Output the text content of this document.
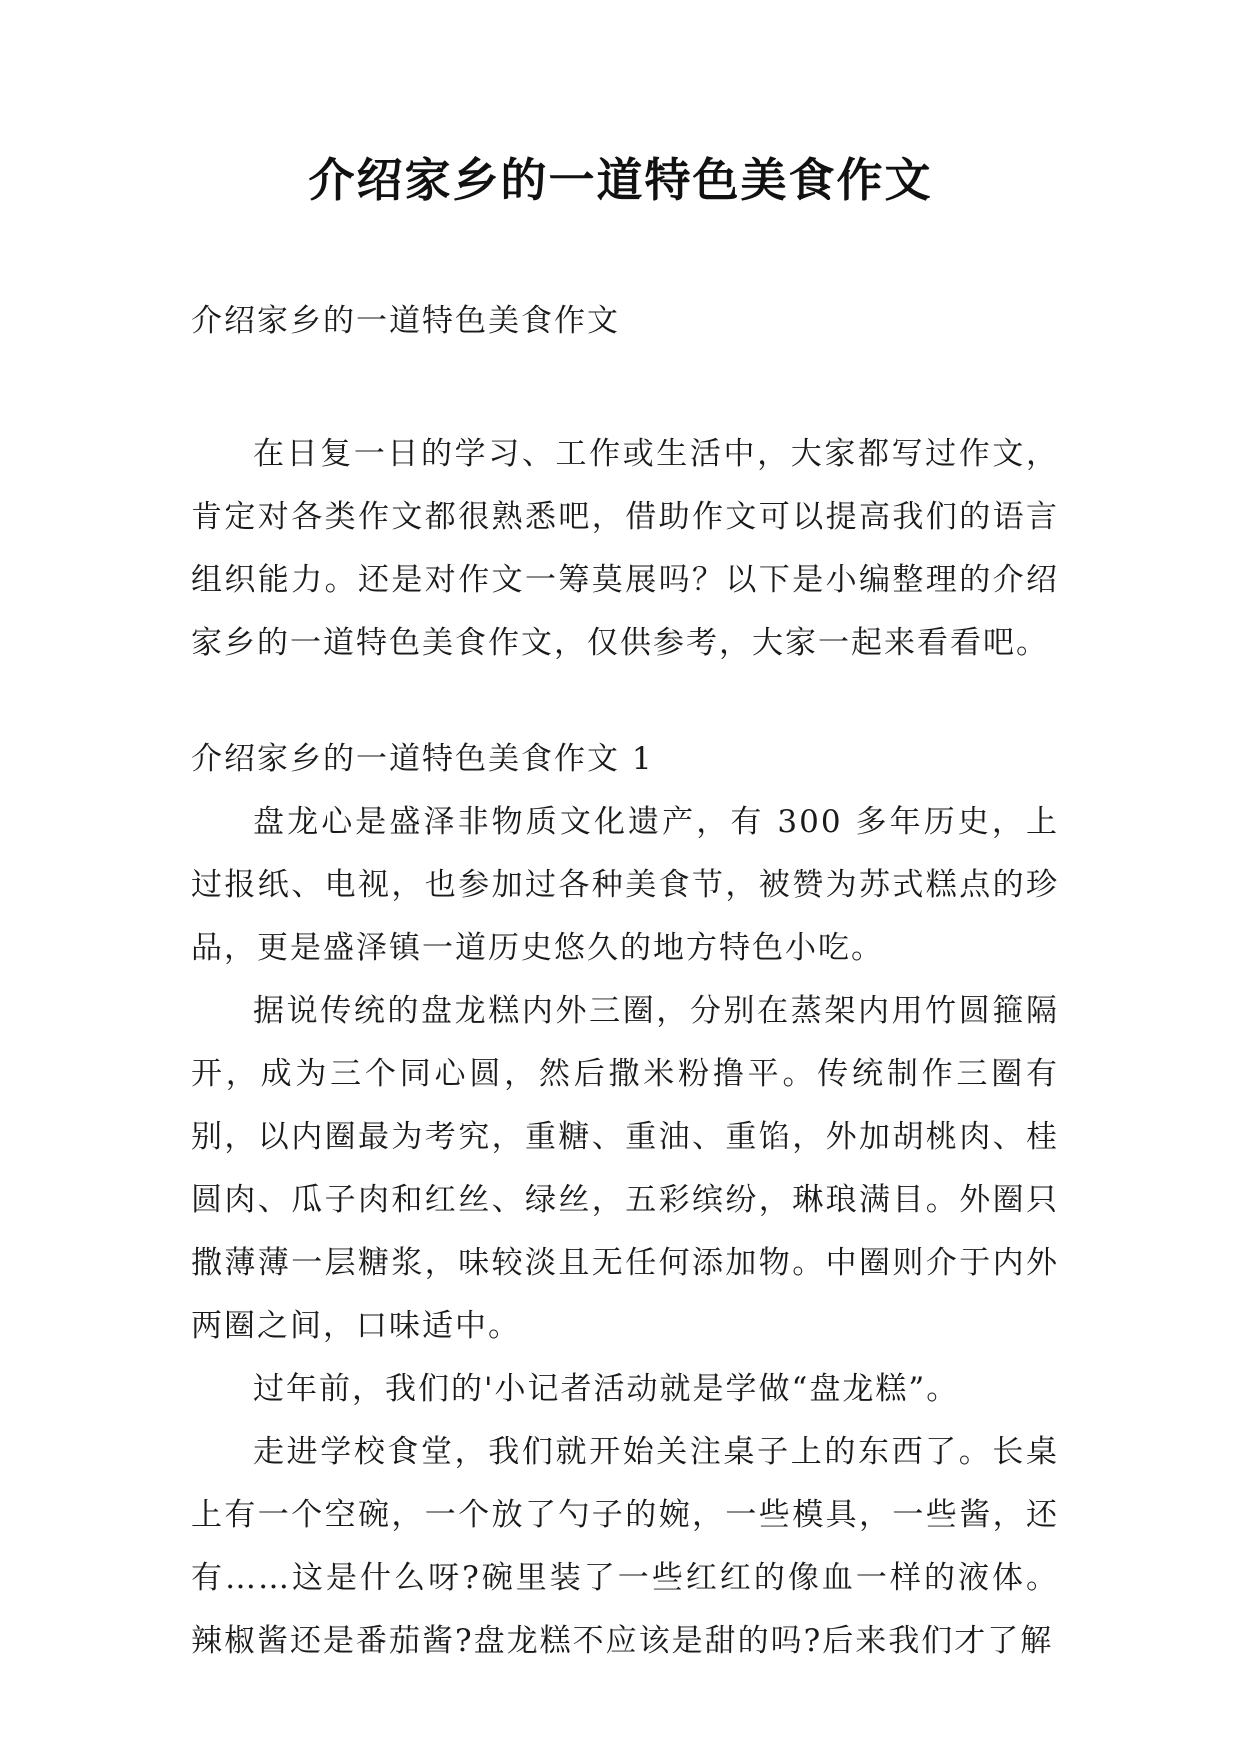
介绍家乡的一道特色美食作文

介绍家乡的一道特色美食作文

在日复一日的学习、工作或生活中，大家都写过作文，肯定对各类作文都很熟悉吧，借助作文可以提高我们的语言组织能力。还是对作文一筹莫展吗？以下是小编整理的介绍家乡的一道特色美食作文，仅供参考，大家一起来看看吧。

介绍家乡的一道特色美食作文 1

盘龙心是盛泽非物质文化遗产，有 300 多年历史，上过报纸、电视，也参加过各种美食节，被赞为苏式糕点的珍品，更是盛泽镇一道历史悠久的地方特色小吃。

据说传统的盘龙糕内外三圈，分别在蒸架内用竹圆箍隔开，成为三个同心圆，然后撒米粉撸平。传统制作三圈有别，以内圈最为考究，重糖、重油、重馅，外加胡桃肉、桂圆肉、瓜子肉和红丝、绿丝，五彩缤纷，琳琅满目。外圈只撒薄薄一层糖浆，味较淡且无任何添加物。中圈则介于内外两圈之间，口味适中。

过年前，我们的'小记者活动就是学做“盘龙糕”。

走进学校食堂，我们就开始关注桌子上的东西了。长桌上有一个空碗，一个放了勺子的婉，一些模具，一些酱，还有……这是什么呀?碗里装了一些红红的像血一样的液体。辣椒酱还是番茄酱?盘龙糕不应该是甜的吗?后来我们才了解
